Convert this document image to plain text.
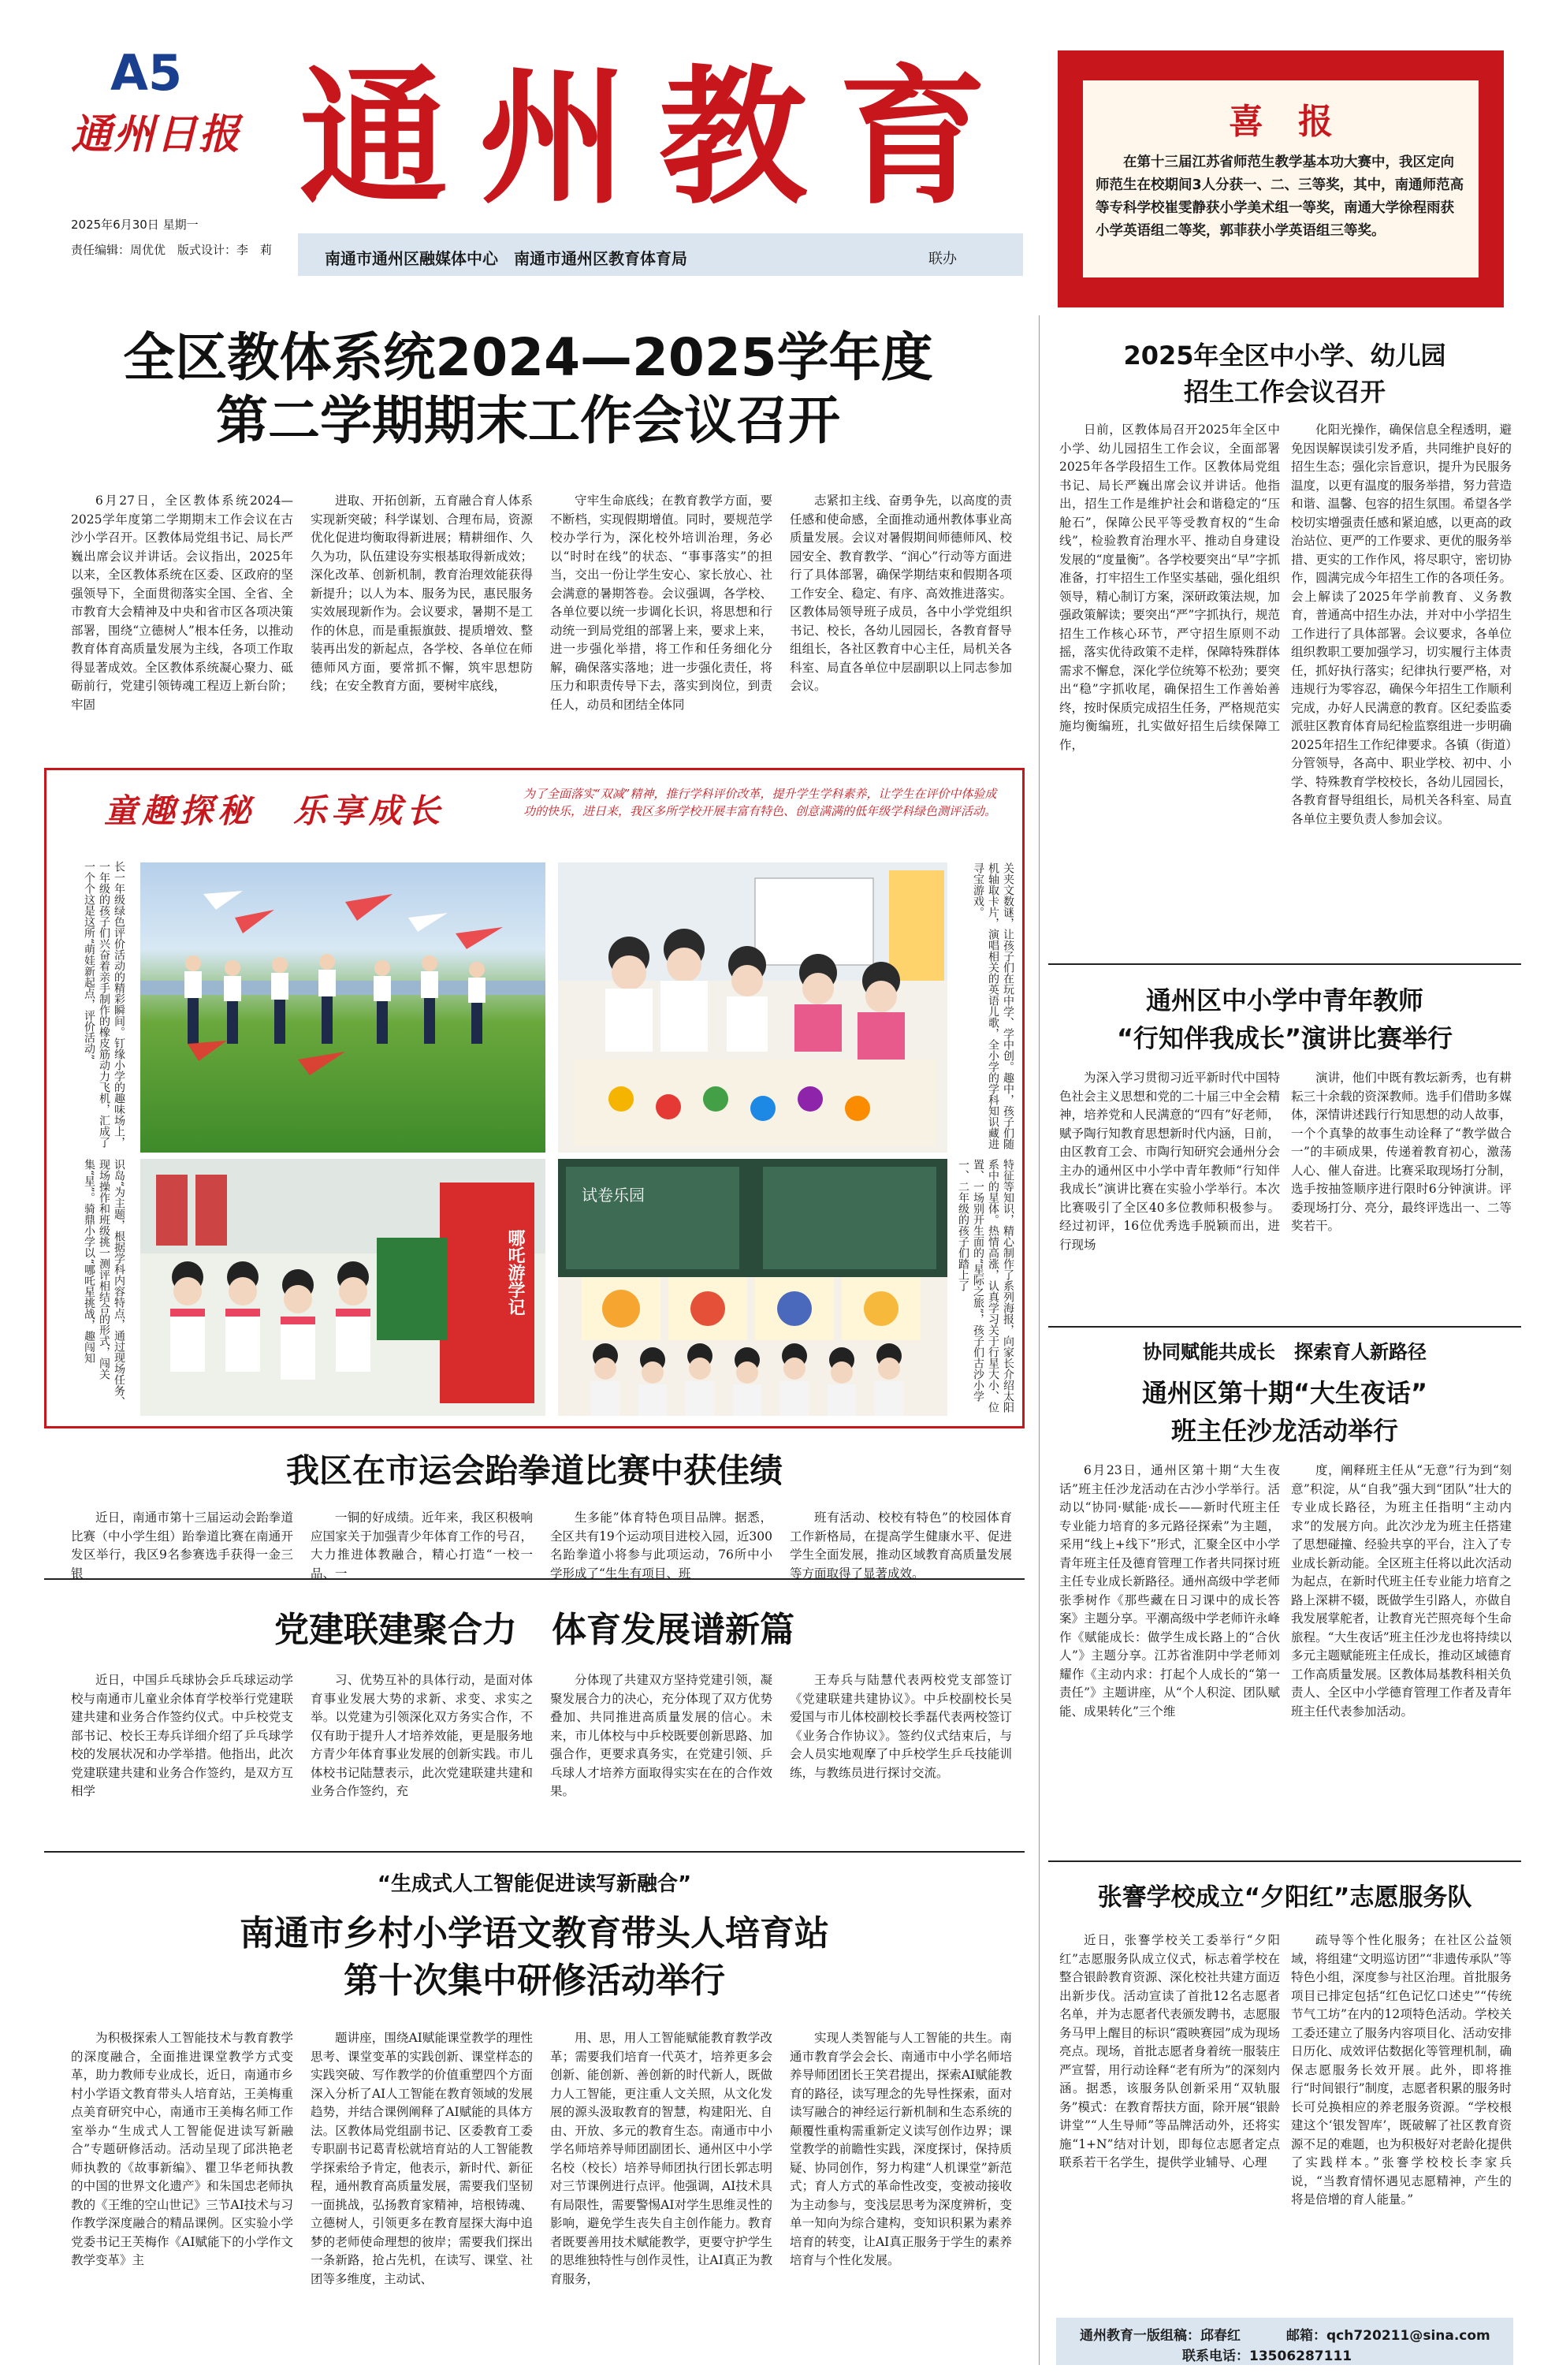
A5
通州日报
2025年6月30日 星期一
责任编辑：周优优　版式设计：李　莉
通州教育
南通市通州区融媒体中心　南通市通州区教育体育局	联办
喜　报
在第十三届江苏省师范生教学基本功大赛中，我区定向师范生在校期间3人分获一、二、三等奖，其中，南通师范高等专科学校崔雯静获小学美术组一等奖，南通大学徐程雨获小学英语组二等奖，郭菲获小学英语组三等奖。
全区教体系统2024—2025学年度
第二学期期末工作会议召开
6月27日，全区教体系统2024—2025学年度第二学期期末工作会议在古沙小学召开。区教体局党组书记、局长严巍出席会议并讲话。会议指出，2025年以来，全区教体系统在区委、区政府的坚强领导下，全面贯彻落实全国、全省、全市教育大会精神及中央和省市区各项决策部署，围绕“立德树人”根本任务，以推动教育体育高质量发展为主线，各项工作取得显著成效。全区教体系统凝心聚力、砥砺前行，党建引领铸魂工程迈上新台阶；牢固
进取、开拓创新，五育融合育人体系实现新突破；科学谋划、合理布局，资源优化促进均衡取得新进展；精耕细作、久久为功，队伍建设夯实根基取得新成效；深化改革、创新机制，教育治理效能获得新提升；以人为本、服务为民，惠民服务实效展现新作为。会议要求，暑期不是工作的休息，而是重振旗鼓、提质增效、整装再出发的新起点，各学校、各单位在师德师风方面，要常抓不懈，筑牢思想防线；在安全教育方面，要树牢底线，
守牢生命底线；在教育教学方面，要不断档，实现假期增值。同时，要规范学校办学行为，深化校外培训治理，务必以“时时在线”的状态、“事事落实”的担当，交出一份让学生安心、家长放心、社会满意的暑期答卷。会议强调，各学校、各单位要以统一步调化长识，将思想和行动统一到局党组的部署上来，要求上来，进一步强化举措，将工作和任务细化分解，确保落实落地；进一步强化责任，将压力和职责传导下去，落实到岗位，到责任人，动员和团结全体同
志紧扣主线、奋勇争先，以高度的责任感和使命感，全面推动通州教体事业高质量发展。会议对暑假期间师德师风、校园安全、教育教学、“润心”行动等方面进行了具体部署，确保学期结束和假期各项工作安全、稳定、有序、高效推进落实。区教体局领导班子成员，各中小学党组织书记、校长，各幼儿园园长，各教育督导组组长，各社区教育中心主任，局机关各科室、局直各单位中层副职以上同志参加会议。
童趣探秘　乐享成长	为了全面落实“双减”精神，推行学科评价改革，提升学生学科素养，让学生在评价中体验成功的快乐，进日来，我区多所学校开展丰富有特色、创意满满的低年级学科绿色测评活动。
长一年级绿色评价活动的精彩瞬间。钉缘小学的趣味场上，一年级的孩子们兴奋着亲手制作的橡皮筋动力飞机，汇成了一个个这是这所“萌娃新起点，评价活动”	关夹文数谜，让孩子们在玩中学、学中创。趣中，孩子们随机轴取卡片，演唱相关的英语儿歌，全小学的学科知识藏进寻宝游戏。
识岛“为主题，根据学科内容特点，通过现场任务、现场操作和班级挑一测评相结合的形式，闯关集“星”。骑鼎小学以“哪吒星挑战，趣闯知	哪吒游学记
试卷乐园	特征等知识，精心制作了系列海报，向家长介绍太阳系中的星体。热情高涨，认真学习关于行星大小、位置、一场别开生面的“星际之旅”，孩子们古沙小学一、二年级的孩子们踏上了
我区在市运会跆拳道比赛中获佳绩
近日，南通市第十三届运动会跆拳道比赛（中小学生组）跆拳道比赛在南通开发区举行，我区9名参赛选手获得一金三银
一铜的好成绩。近年来，我区积极响应国家关于加强青少年体育工作的号召，大力推进体教融合，精心打造“一校一品、一
生多能”体育特色项目品牌。据悉，全区共有19个运动项目进校入园，近300名跆拳道小将参与此项运动，76所中小学形成了“生生有项目、班
班有活动、校校有特色”的校园体育工作新格局，在提高学生健康水平、促进学生全面发展，推动区域教育高质量发展等方面取得了显著成效。
党建联建聚合力　体育发展谱新篇
近日，中国乒乓球协会乒乓球运动学校与南通市儿童业余体育学校举行党建联建共建和业务合作签约仪式。中乒校党支部书记、校长王寿兵详细介绍了乒乓球学校的发展状况和办学举措。他指出，此次党建联建共建和业务合作签约，是双方互相学
习、优势互补的具体行动，是面对体育事业发展大势的求新、求变、求实之举。以党建为引领深化双方务实合作，不仅有助于提升人才培养效能，更是服务地方青少年体育事业发展的创新实践。市儿体校书记陆慧表示，此次党建联建共建和业务合作签约，充
分体现了共建双方坚持党建引领，凝聚发展合力的决心，充分体现了双方优势叠加、共同推进高质量发展的信心。未来，市儿体校与中乒校既要创新思路、加强合作，更要求真务实，在党建引领、乒乓球人才培养方面取得实实在在的合作效果。
王寿兵与陆慧代表两校党支部签订《党建联建共建协议》。中乒校副校长吴爱国与市儿体校副校长季磊代表两校签订《业务合作协议》。签约仪式结束后，与会人员实地观摩了中乒校学生乒乓技能训练，与教练员进行探讨交流。
“生成式人工智能促进读写新融合”
南通市乡村小学语文教育带头人培育站
第十次集中研修活动举行
为积极探索人工智能技术与教育教学的深度融合，全面推进课堂教学方式变革，助力教师专业成长，近日，南通市乡村小学语文教育带头人培育站，王美梅重点美育研究中心，南通市王美梅名师工作室举办“生成式人工智能促进读写新融合”专题研修活动。活动呈现了邱洪艳老师执教的《故事新编》、瞿卫华老师执教的中国的世界文化遗产》和朱国忠老师执教的《王维的空山世记》三节AI技术与习作教学深度融合的精品课例。区实验小学党委书记王芙梅作《AI赋能下的小学作文教学变革》主
题讲座，围绕AI赋能课堂教学的理性思考、课堂变革的实践创新、课堂样态的实践突破、写作教学的价值重塑四个方面深入分析了AI人工智能在教育领域的发展趋势，并结合课例阐释了AI赋能的具体方法。区教体局党组副书记、区委教育工委专职副书记葛青松就培育站的人工智能教学探索给予肯定，他表示，新时代、新征程，通州教育高质量发展，需要我们坚韧一面挑战，弘扬教育家精神，培根铸魂、立德树人，引领更多在教育屋探大海中追梦的老师使命理想的彼岸；需要我们探出一条新路，抢占先机，在读写、课堂、社团等多维度，主动试、
用、思，用人工智能赋能教育教学改革；需要我们培育一代英才，培养更多会创新、能创新、善创新的时代新人，既做力人工智能，更注重人文关照，从文化发展的源头汲取教育的智慧，构建阳光、自由、开放、多元的教育生态。南通市中小学名师培养导师团副团长、通州区中小学名校（校长）培养导师团执行团长郭志明对三节课例进行点评。他强调，AI技术具有局限性，需要警惕AI对学生思维灵性的影响，避免学生丧失自主创作能力。教育者既要善用技术赋能教学，更要守护学生的思维独特性与创作灵性，让AI真正为教育服务，
实现人类智能与人工智能的共生。南通市教育学会会长、南通市中小学名师培养导师团团长王笑君提出，探索AI赋能教育的路径，读写理念的先导性探索，面对读写融合的神经运行新机制和生态系统的颠覆性重构需重新定义读写创作边界；课堂教学的前瞻性实践，深度探讨，保持质疑、协同创作，努力构建“人机课堂”新范式；育人方式的革命性改变，变被动接收为主动参与，变浅层思考为深度辨析，变单一知向为综合建构，变知识积累为素养培育的转变，让AI真正服务于学生的素养培育与个性化发展。
2025年全区中小学、幼儿园
招生工作会议召开
日前，区教体局召开2025年全区中小学、幼儿园招生工作会议，全面部署2025年各学段招生工作。区教体局党组书记、局长严巍出席会议并讲话。他指出，招生工作是维护社会和谐稳定的“压舱石”，保障公民平等受教育权的“生命线”，检验教育治理水平、推动自身建设发展的“度量衡”。各学校要突出“早”字抓准备，打牢招生工作坚实基础，强化组织领导，精心制订方案，深研政策法规，加强政策解读；要突出“严”字抓执行，规范招生工作核心环节，严守招生原则不动摇，落实优待政策不走样，保障特殊群体需求不懈怠，深化学位统筹不松劲；要突出“稳”字抓收尾，确保招生工作善始善终，按时保质完成招生任务，严格规范实施均衡编班，扎实做好招生后续保障工作，
化阳光操作，确保信息全程透明，避免因误解误读引发矛盾，共同维护良好的招生生态；强化宗旨意识，提升为民服务温度，以更有温度的服务举措，努力营造和谐、温馨、包容的招生氛围。希望各学校切实增强责任感和紧迫感，以更高的政治站位、更严的工作要求、更优的服务举措、更实的工作作风，将尽职守，密切协作，圆满完成今年招生工作的各项任务。会上解读了2025年学前教育、义务教育，普通高中招生办法，并对中小学招生工作进行了具体部署。会议要求，各单位组织教职工要加强学习，切实履行主体责任，抓好执行落实；纪律执行要严格，对违规行为零容忍，确保今年招生工作顺利完成，办好人民满意的教育。区纪委监委派驻区教育体育局纪检监察组进一步明确2025年招生工作纪律要求。各镇（街道）分管领导，各高中、职业学校、初中、小学、特殊教育学校校长，各幼儿园园长，各教育督导组组长，局机关各科室、局直各单位主要负责人参加会议。
通州区中小学中青年教师
“行知伴我成长”演讲比赛举行
为深入学习贯彻习近平新时代中国特色社会主义思想和党的二十届三中全会精神，培养党和人民满意的“四有”好老师，赋予陶行知教育思想新时代内涵，日前，由区教育工会、市陶行知研究会通州分会主办的通州区中小学中青年教师“行知伴我成长”演讲比赛在实验小学举行。本次比赛吸引了全区40多位教师积极参与。经过初评，16位优秀选手脱颖而出，进行现场
演讲，他们中既有教坛新秀，也有耕耘三十余载的资深教师。选手们借助多媒体，深情讲述践行行知思想的动人故事，一个个真挚的故事生动诠释了“教学做合一”的丰硕成果，传递着教育初心，激荡人心、催人奋进。比赛采取现场打分制，选手按抽签顺序进行限时6分钟演讲。评委现场打分、亮分，最终评选出一、二等奖若干。
协同赋能共成长　探索育人新路径
通州区第十期“大生夜话”
班主任沙龙活动举行
6月23日，通州区第十期“大生夜话”班主任沙龙活动在古沙小学举行。活动以“协同·赋能·成长——新时代班主任专业能力培育的多元路径探索”为主题，采用“线上+线下”形式，汇聚全区中小学青年班主任及德育管理工作者共同探讨班主任专业成长新路径。通州高级中学老师张季树作《那些藏在日习课中的成长答案》主题分享。平潮高级中学老师许永峰作《赋能成长：做学生成长路上的“合伙人”》主题分享。江苏省淮阴中学老师刘耀作《主动内求：打起个人成长的“第一责任”》主题讲座，从“个人积淀、团队赋能、成果转化”三个维
度，阐释班主任从“无意”行为到“刻意”积淀，从“自我”强大到“团队”壮大的专业成长路径，为班主任指明“主动内求”的发展方向。此次沙龙为班主任搭建了思想碰撞、经验共享的平台，注入了专业成长新动能。全区班主任将以此次活动为起点，在新时代班主任专业能力培育之路上深耕不辍，既做学生引路人，亦做自我发展掌舵者，让教育光芒照亮每个生命旅程。“大生夜话”班主任沙龙也将持续以多元主题赋能班主任成长，推动区域德育工作高质量发展。区教体局基教科相关负责人、全区中小学德育管理工作者及青年班主任代表参加活动。
张謇学校成立“夕阳红”志愿服务队
近日，张謇学校关工委举行“夕阳红”志愿服务队成立仪式，标志着学校在整合银龄教育资源、深化校社共建方面迈出新步伐。活动宣读了首批12名志愿者名单，并为志愿者代表颁发聘书，志愿服务马甲上醒目的标识“霞映赛园”成为现场亮点。现场，首批志愿者身着统一服装庄严宣誓，用行动诠释“老有所为”的深刻内涵。据悉，该服务队创新采用“双轨服务”模式：在教育帮扶方面，除开展“银龄讲堂”“人生导师”等品牌活动外，还将实施“1+N”结对计划，即每位志愿者定点联系若干名学生，提供学业辅导、心理
疏导等个性化服务；在社区公益领域，将组建“文明巡访团”“非遗传承队”等特色小组，深度参与社区治理。首批服务项目已排定包括“红色记忆口述史”“传统节气工坊”在内的12项特色活动。学校关工委还建立了服务内容项目化、活动安排日历化、成效评估数据化等管理机制，确保志愿服务长效开展。此外，即将推行“时间银行”制度，志愿者积累的服务时长可兑换相应的养老服务资源。“学校根建这个‘银发智库’，既破解了社区教育资源不足的难题，也为积极好对老龄化提供了实践样本。”张謇学校校长李家兵说，“当教育情怀遇见志愿精神，产生的将是倍增的育人能量。”
通州教育一版组稿：邱春红	邮箱：qch720211@sina.com
联系电话：13506287111
